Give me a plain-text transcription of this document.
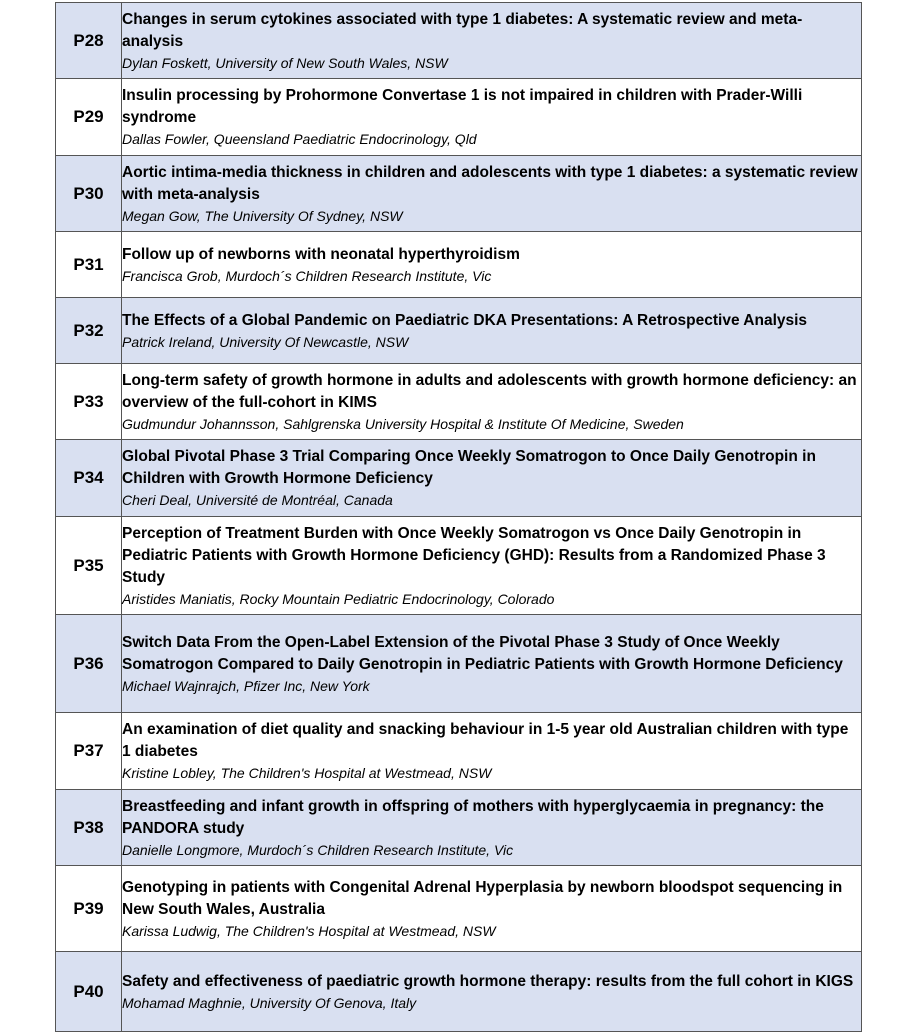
P28	Changes in serum cytokines associated with type 1 diabetes: A systematic review and meta-analysis
Dylan Foskett, University of New South Wales, NSW

P29	Insulin processing by Prohormone Convertase 1 is not impaired in children with Prader-Willi syndrome
Dallas Fowler, Queensland Paediatric Endocrinology, Qld

P30	Aortic intima-media thickness in children and adolescents with type 1 diabetes: a systematic review with meta-analysis
Megan Gow, The University Of Sydney, NSW

P31	Follow up of newborns with neonatal hyperthyroidism
Francisca Grob, Murdoch´s Children Research Institute, Vic

P32	The Effects of a Global Pandemic on Paediatric DKA Presentations: A Retrospective Analysis
Patrick Ireland, University Of Newcastle, NSW

P33	Long-term safety of growth hormone in adults and adolescents with growth hormone deficiency: an overview of the full-cohort in KIMS
Gudmundur Johannsson, Sahlgrenska University Hospital & Institute Of Medicine, Sweden

P34	Global Pivotal Phase 3 Trial Comparing Once Weekly Somatrogon to Once Daily Genotropin in Children with Growth Hormone Deficiency
Cheri Deal, Université de Montréal, Canada

P35	Perception of Treatment Burden with Once Weekly Somatrogon vs Once Daily Genotropin in Pediatric Patients with Growth Hormone Deficiency (GHD): Results from a Randomized Phase 3 Study
Aristides Maniatis, Rocky Mountain Pediatric Endocrinology, Colorado

P36	Switch Data From the Open-Label Extension of the Pivotal Phase 3 Study of Once Weekly Somatrogon Compared to Daily Genotropin in Pediatric Patients with Growth Hormone Deficiency
Michael Wajnrajch, Pfizer Inc, New York

P37	An examination of diet quality and snacking behaviour in 1-5 year old Australian children with type 1 diabetes
Kristine Lobley, The Children's Hospital at Westmead, NSW

P38	Breastfeeding and infant growth in offspring of mothers with hyperglycaemia in pregnancy: the PANDORA study
Danielle Longmore, Murdoch´s Children Research Institute, Vic

P39	Genotyping in patients with Congenital Adrenal Hyperplasia by newborn bloodspot sequencing in New South Wales, Australia
Karissa Ludwig, The Children's Hospital at Westmead, NSW

P40	Safety and effectiveness of paediatric growth hormone therapy: results from the full cohort in KIGS
Mohamad Maghnie, University Of Genova, Italy
